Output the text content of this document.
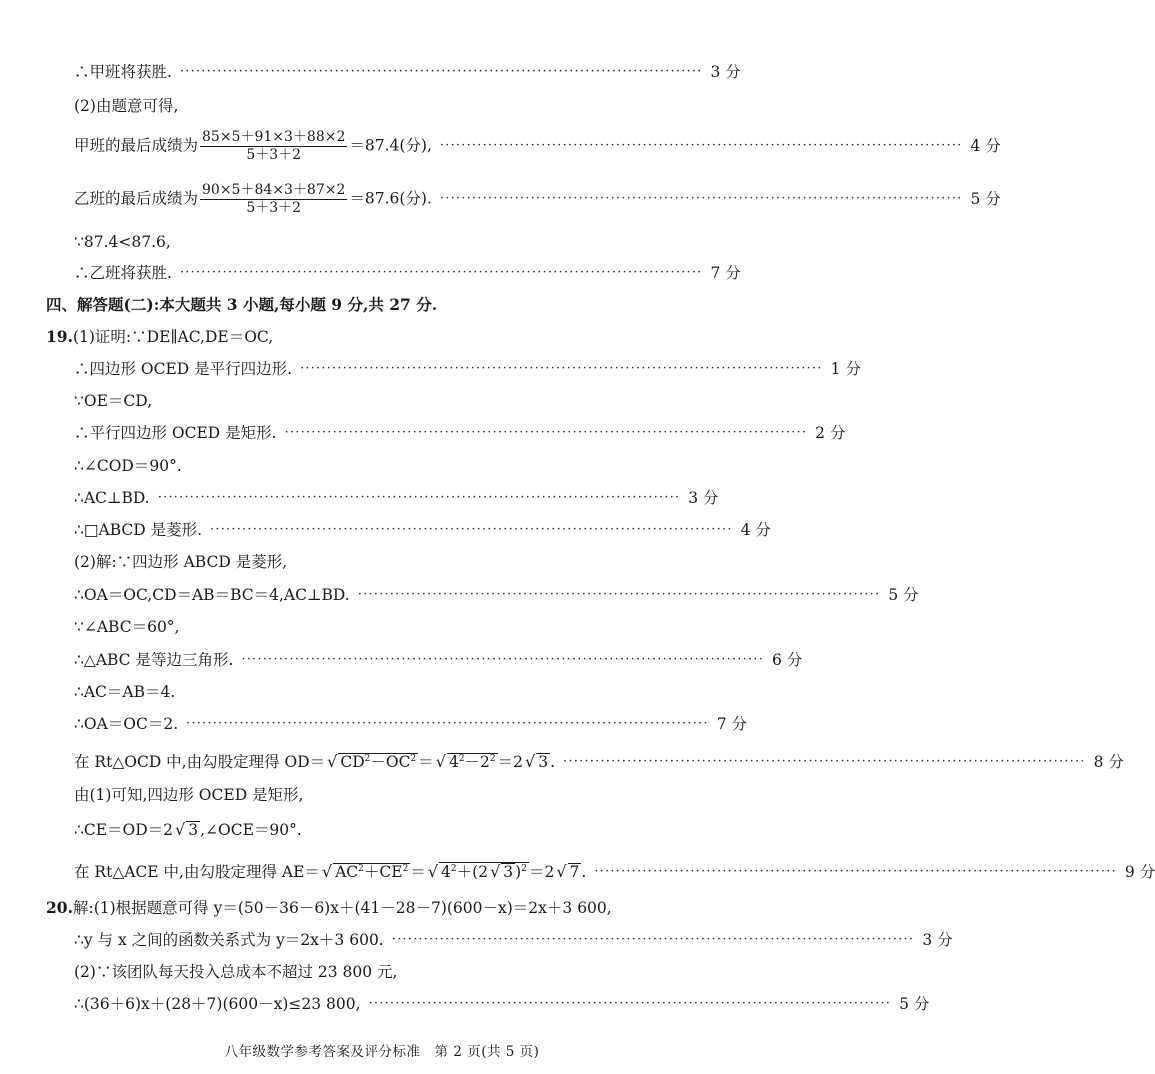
∴甲班将获胜. ·································································································· 3 分
(2)由题意可得,
甲班的最后成绩为 $\frac{85\times 5+91\times 3+88\times 2}{5+3+2} =87.4$(分), ·································································································· 4 分
乙班的最后成绩为 $\frac{90\times 5+84\times 3+87\times 2}{5+3+2} =87.6$(分). ·································································································· 5 分
∵87.4<87.6,
∴乙班将获胜. ·································································································· 7 分
四、解答题(二):本大题共 3 小题,每小题 9 分,共 27 分.
19. (1)证明:∵DE∥AC,DE＝OC,
∴四边形 OCED 是平行四边形. ·································································································· 1 分
∵OE＝CD,
∴平行四边形 OCED 是矩形. ·································································································· 2 分
∴∠COD＝90°.
∴AC⊥BD. ·································································································· 3 分
∴□ABCD 是菱形. ·································································································· 4 分
(2)解:∵四边形 ABCD 是菱形,
∴OA＝OC,CD＝AB＝BC＝4,AC⊥BD. ·································································································· 5 分
∵∠ABC＝60°,
∴△ABC 是等边三角形. ·································································································· 6 分
∴AC＝AB＝4.
∴OA＝OC＝2. ·································································································· 7 分
在 Rt△OCD 中,由勾股定理得 OD＝ √ $CD^2-OC^2$ ＝ √ $4^2-2^2 =2$ √ 3 . ·································································································· 8 分
由(1)可知,四边形 OCED 是矩形,
∴CE＝OD＝2 √ 3 ,∠OCE＝90°.
在 Rt△ACE 中,由勾股定理得 AE＝ √ $AC^2+CE^2$ ＝ √ $4^2+(2$ √ 3 )$^2$ ＝2 √ 7 . ·································································································· 9 分
20. 解:(1)根据题意可得 y＝(50－36－6)x＋(41－28－7)(600－x)＝2x＋3 600,
∴y 与 x 之间的函数关系式为 y＝2x＋3 600. ·································································································· 3 分
(2)∵该团队每天投入总成本不超过 23 800 元,
∴(36＋6)x＋(28＋7)(600－x)≤23 800, ·································································································· 5 分
八年级数学参考答案及评分标准　第 2 页(共 5 页)
